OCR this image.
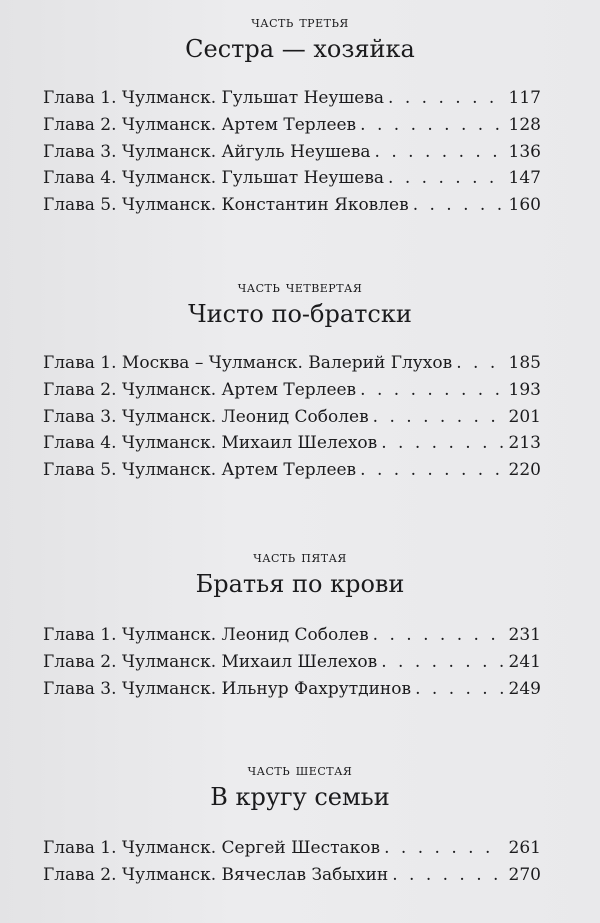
часть третья
Сестра — хозяйка
Глава 1. Чулманск. Гульшат Неушева . . .	117
Глава 2. Чулманск. Артем Терлеев . . .	128
Глава 3. Чулманск. Айгуль Неушева . . .	136
Глава 4. Чулманск. Гульшат Неушева . . .	147
Глава 5. Чулманск. Константин Яковлев . . .	160
часть четвертая
Чисто по-братски
Глава 1. Москва – Чулманск. Валерий Глухов . . .	185
Глава 2. Чулманск. Артем Терлеев . . .	193
Глава 3. Чулманск. Леонид Соболев . . .	201
Глава 4. Чулманск. Михаил Шелехов . . .	213
Глава 5. Чулманск. Артем Терлеев . . .	220
часть пятая
Братья по крови
Глава 1. Чулманск. Леонид Соболев . . .	231
Глава 2. Чулманск. Михаил Шелехов . . .	241
Глава 3. Чулманск. Ильнур Фахрутдинов . . .	249
часть шестая
В кругу семьи
Глава 1. Чулманск. Сергей Шестаков . . .	261
Глава 2. Чулманск. Вячеслав Забыхин . . .	270
